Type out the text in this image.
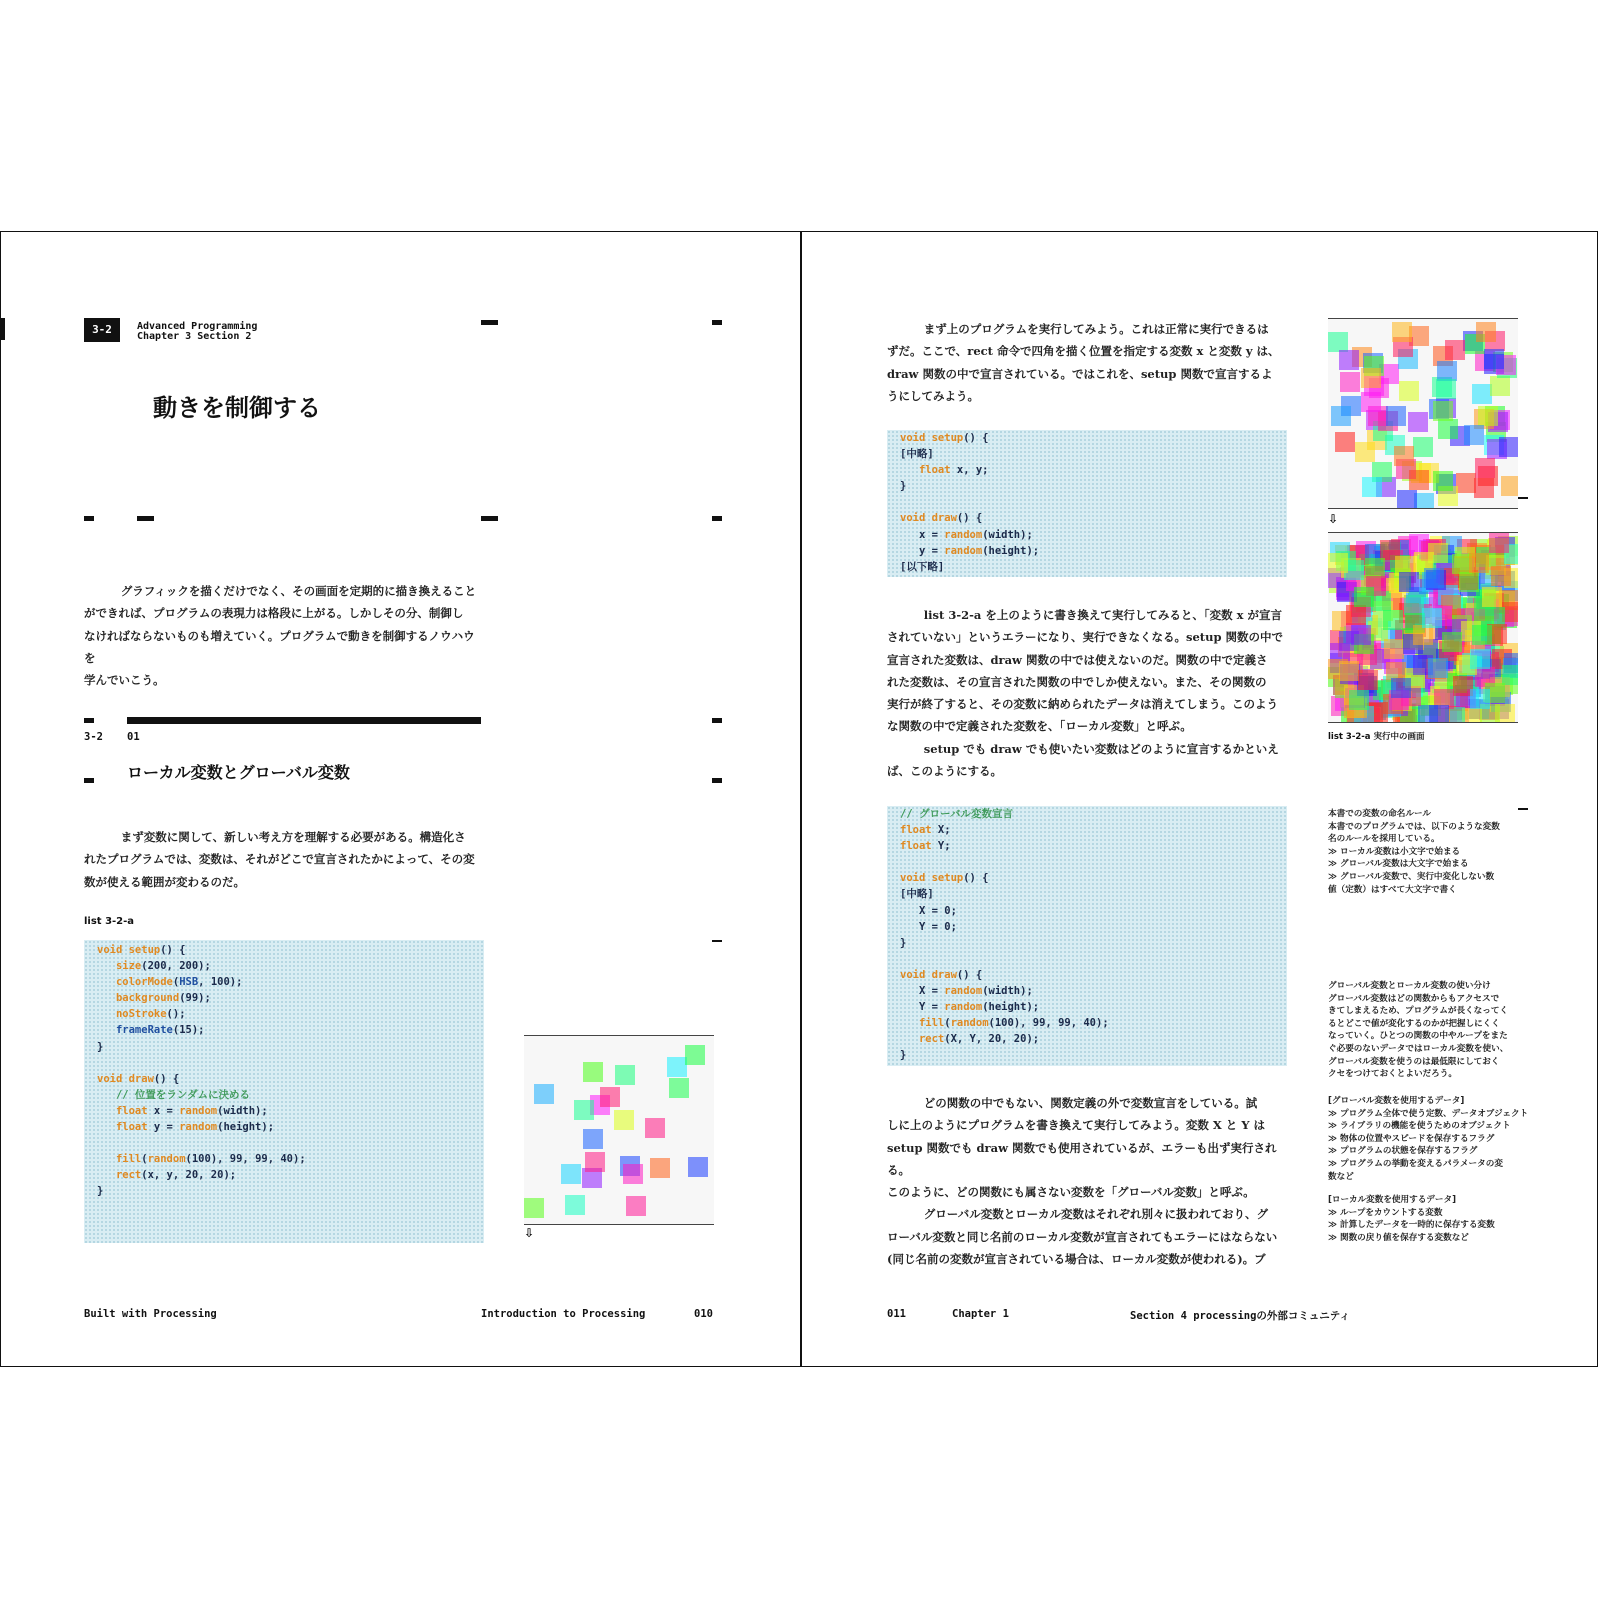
3-2	Advanced Programming
Chapter 3 Section 2
動きを制御する

グラフィックを描くだけでなく、その画面を定期的に描き換えること

ができれば、プログラムの表現力は格段に上がる。しかしその分、制御し
なければならないものも増えていく。プログラムで動きを制御するノウハウを
学んでいこう。
3-2 01
ローカル変数とグローバル変数

まず変数に関して、新しい考え方を理解する必要がある。構造化さ

れたプログラムでは、変数は、それがどこで宣言されたかによって、その変
数が使える範囲が変わるのだ。
list 3-2-a
void setup() {
size(200, 200);
colorMode(HSB, 100);
background(99);
noStroke();
frameRate(15);
}

void draw() {
// 位置をランダムに決める
float x = random(width);
float y = random(height);

fill(random(100), 99, 99, 40);
rect(x, y, 20, 20);
}
⇩
Built with Processing	Introduction to Processing	010

まず上のプログラムを実行してみよう。これは正常に実行できるは

ずだ。ここで、rect 命令で四角を描く位置を指定する変数 x と変数 y は、
draw 関数の中で宣言されている。ではこれを、setup 関数で宣言するよ
うにしてみよう。
void setup() {
[中略]
float x, y;
}

void draw() {
x = random(width);
y = random(height);
[以下略]

list 3-2-a を上のように書き換えて実行してみると、「変数 x が宣言

されていない」というエラーになり、実行できなくなる。setup 関数の中で
宣言された変数は、draw 関数の中では使えないのだ。関数の中で定義さ
れた変数は、その宣言された関数の中でしか使えない。また、その関数の
実行が終了すると、その変数に納められたデータは消えてしまう。このよう
な関数の中で定義された変数を、「ローカル変数」と呼ぶ。

setup でも draw でも使いたい変数はどのように宣言するかといえ

ば、このようにする。
// グローバル変数宣言
float X;
float Y;

void setup() {
[中略]
X = 0;
Y = 0;
}

void draw() {
X = random(width);
Y = random(height);
fill(random(100), 99, 99, 40);
rect(X, Y, 20, 20);
}

どの関数の中でもない、関数定義の外で変数宣言をしている。試

しに上のようにプログラムを書き換えて実行してみよう。変数 X と Y は
setup 関数でも draw 関数でも使用されているが、エラーも出ず実行される。
このように、どの関数にも属さない変数を「グローバル変数」と呼ぶ。

グローバル変数とローカル変数はそれぞれ別々に扱われており、グ

ローバル変数と同じ名前のローカル変数が宣言されてもエラーにはならない
(同じ名前の変数が宣言されている場合は、ローカル変数が使われる)。ブ
⇩
list 3-2-a 実行中の画面
本書での変数の命名ルール
本書でのプログラムでは、以下のような変数
名のルールを採用している。
≫ ローカル変数は小文字で始まる
≫ グローバル変数は大文字で始まる
≫ グローバル変数で、実行中変化しない数
値（定数）はすべて大文字で書く
グローバル変数とローカル変数の使い分け
グローバル変数はどの関数からもアクセスで
きてしまえるため、プログラムが長くなってく
るとどこで値が変化するのかが把握しにくく
なっていく。ひとつの関数の中やループをまた
ぐ必要のないデータではローカル変数を使い、
グローバル変数を使うのは最低限にしておく
クセをつけておくとよいだろう。
[グローバル変数を使用するデータ]
≫ プログラム全体で使う定数、データオブジェクト
≫ ライブラリの機能を使うためのオブジェクト
≫ 物体の位置やスピードを保存するフラグ
≫ プログラムの状態を保存するフラグ
≫ プログラムの挙動を変えるパラメータの変
数など
[ローカル変数を使用するデータ]
≫ ループをカウントする変数
≫ 計算したデータを一時的に保存する変数
≫ 関数の戻り値を保存する変数など
011	Chapter 1	Section 4 processingの外部コミュニティ
